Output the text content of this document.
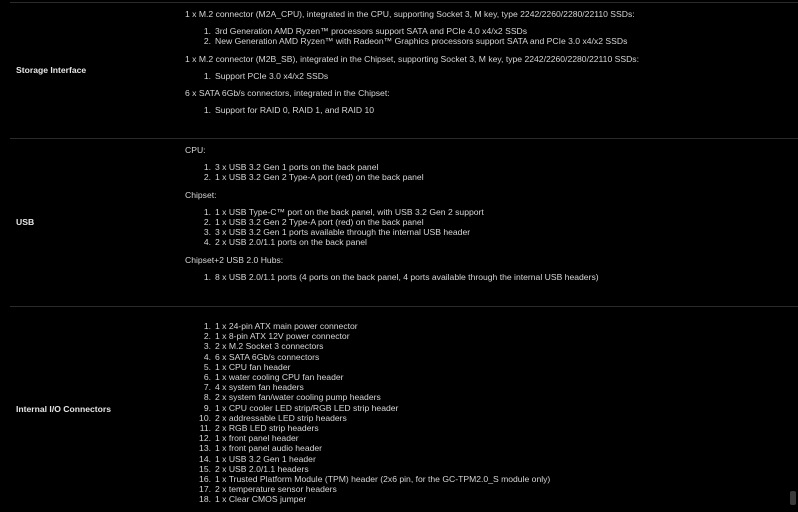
Storage Interface

1 x M.2 connector (M2A_CPU), integrated in the CPU, supporting Socket 3, M key, type 2242/2260/2280/22110 SSDs:

1. 3rd Generation AMD Ryzen™ processors support SATA and PCIe 4.0 x4/x2 SSDs
2. New Generation AMD Ryzen™ with Radeon™ Graphics processors support SATA and PCIe 3.0 x4/x2 SSDs

1 x M.2 connector (M2B_SB), integrated in the Chipset, supporting Socket 3, M key, type 2242/2260/2280/22110 SSDs:

1. Support PCIe 3.0 x4/x2 SSDs

6 x SATA 6Gb/s connectors, integrated in the Chipset:

1. Support for RAID 0, RAID 1, and RAID 10
USB

CPU:

1. 3 x USB 3.2 Gen 1 ports on the back panel
2. 1 x USB 3.2 Gen 2 Type-A port (red) on the back panel

Chipset:

1. 1 x USB Type-C™ port on the back panel, with USB 3.2 Gen 2 support
2. 1 x USB 3.2 Gen 2 Type-A port (red) on the back panel
3. 3 x USB 3.2 Gen 1 ports available through the internal USB header
4. 2 x USB 2.0/1.1 ports on the back panel

Chipset+2 USB 2.0 Hubs:

1. 8 x USB 2.0/1.1 ports (4 ports on the back panel, 4 ports available through the internal USB headers)
Internal I/O Connectors
1. 1 x 24-pin ATX main power connector
2. 1 x 8-pin ATX 12V power connector
3. 2 x M.2 Socket 3 connectors
4. 6 x SATA 6Gb/s connectors
5. 1 x CPU fan header
6. 1 x water cooling CPU fan header
7. 4 x system fan headers
8. 2 x system fan/water cooling pump headers
9. 1 x CPU cooler LED strip/RGB LED strip header
10. 2 x addressable LED strip headers
11. 2 x RGB LED strip headers
12. 1 x front panel header
13. 1 x front panel audio header
14. 1 x USB 3.2 Gen 1 header
15. 2 x USB 2.0/1.1 headers
16. 1 x Trusted Platform Module (TPM) header (2x6 pin, for the GC-TPM2.0_S module only)
17. 2 x temperature sensor headers
18. 1 x Clear CMOS jumper
